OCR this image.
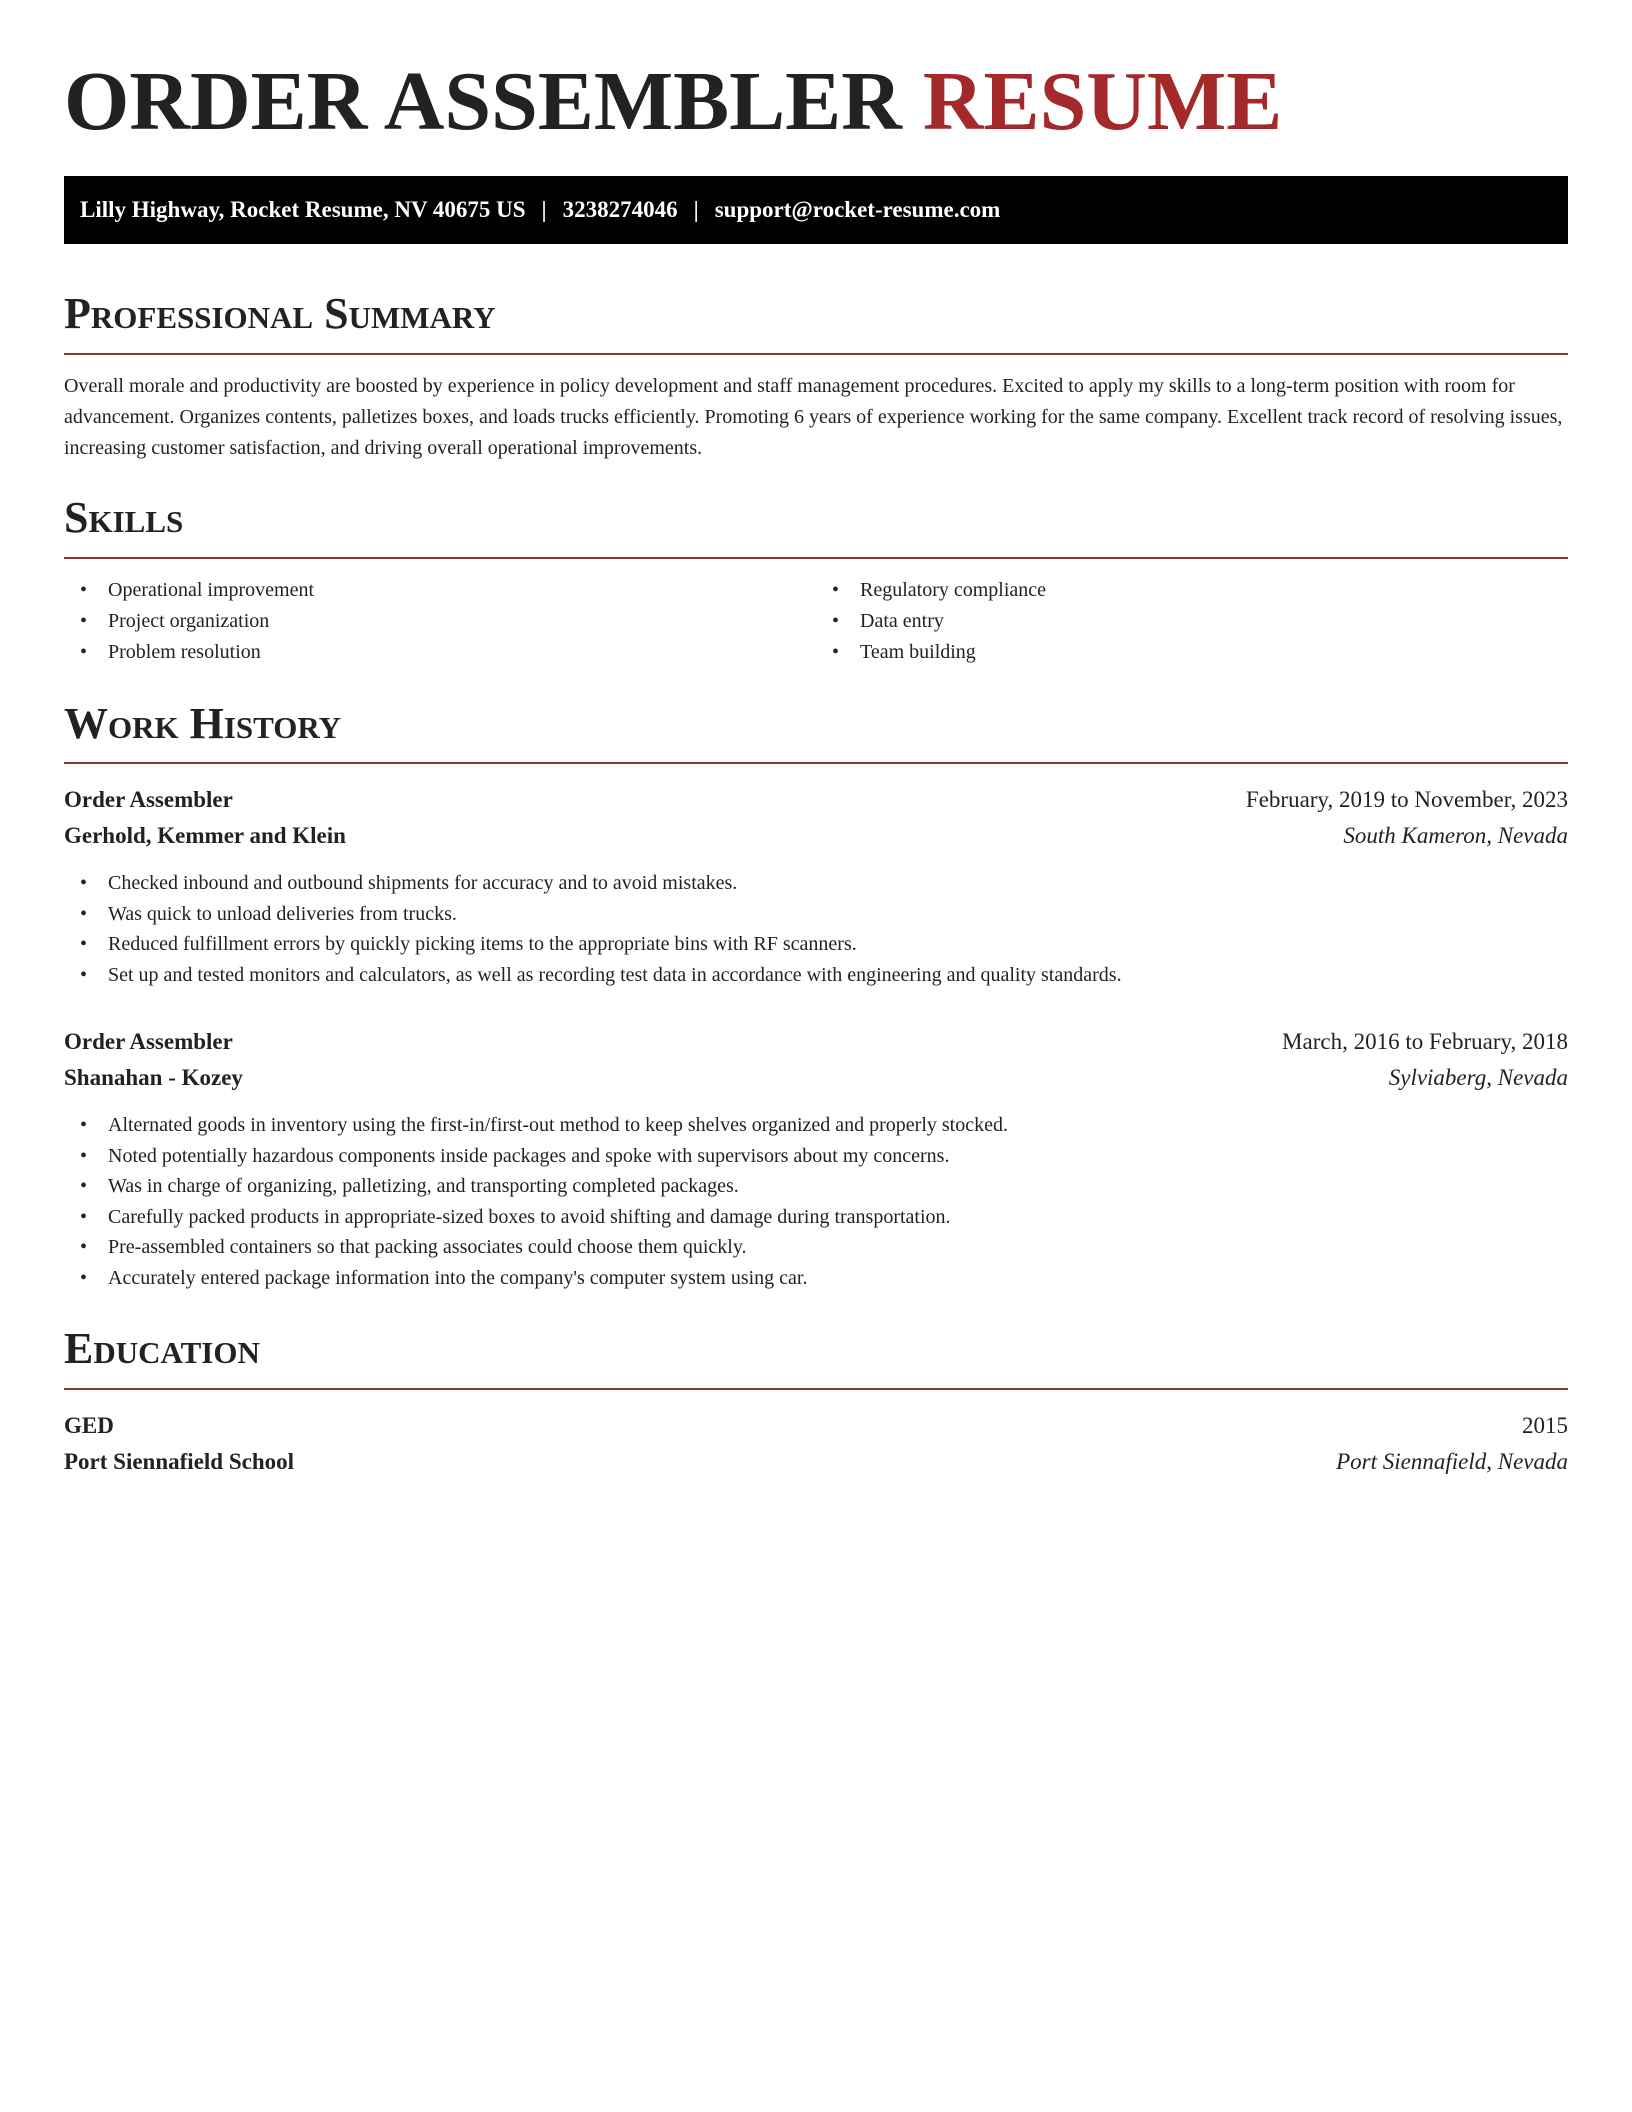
ORDER ASSEMBLER RESUME
Lilly Highway, Rocket Resume, NV 40675 US | 3238274046 | support@rocket-resume.com
Professional Summary

Overall morale and productivity are boosted by experience in policy development and staff management procedures. Excited to apply my skills to a long-term position with room for advancement. Organizes contents, palletizes boxes, and loads trucks efficiently. Promoting 6 years of experience working for the same company. Excellent track record of resolving issues, increasing customer satisfaction, and driving overall operational improvements.

Skills
• Operational improvement
• Project organization
• Problem resolution
• Regulatory compliance
• Data entry
• Team building
Work History
Order Assembler	February, 2019 to November, 2023
Gerhold, Kemmer and Klein	South Kameron, Nevada
• Checked inbound and outbound shipments for accuracy and to avoid mistakes.
• Was quick to unload deliveries from trucks.
• Reduced fulfillment errors by quickly picking items to the appropriate bins with RF scanners.
• Set up and tested monitors and calculators, as well as recording test data in accordance with engineering and quality standards.
Order Assembler	March, 2016 to February, 2018
Shanahan - Kozey	Sylviaberg, Nevada
• Alternated goods in inventory using the first-in/first-out method to keep shelves organized and properly stocked.
• Noted potentially hazardous components inside packages and spoke with supervisors about my concerns.
• Was in charge of organizing, palletizing, and transporting completed packages.
• Carefully packed products in appropriate-sized boxes to avoid shifting and damage during transportation.
• Pre-assembled containers so that packing associates could choose them quickly.
• Accurately entered package information into the company's computer system using car.
Education
GED	2015
Port Siennafield School	Port Siennafield, Nevada
